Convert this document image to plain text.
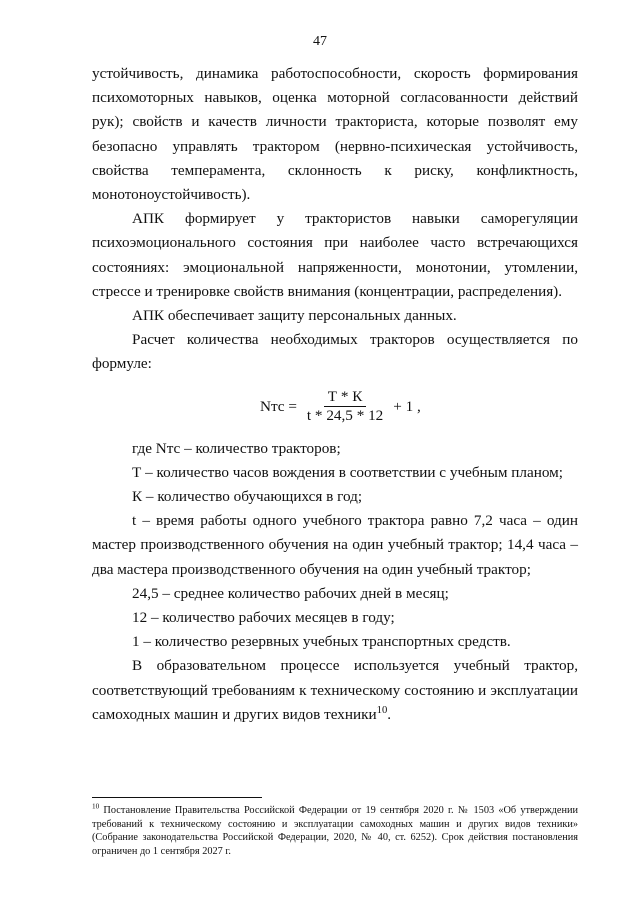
47

устойчивость, динамика работоспособности, скорость формирования психомоторных навыков, оценка моторной согласованности действий рук); свойств и качеств личности тракториста, которые позволят ему безопасно управлять трактором (нервно-психическая устойчивость, свойства темперамента, склонность к риску, конфликтность, монотоноустойчивость).

АПК формирует у трактористов навыки саморегуляции психоэмоционального состояния при наиболее часто встречающихся состояниях: эмоциональной напряженности, монотонии, утомлении, стрессе и тренировке свойств внимания (концентрации, распределения).

АПК обеспечивает защиту персональных данных.

Расчет количества необходимых тракторов осуществляется по формуле:

Nтс = $\frac{Т * К}{t * 24,5 * 12} + 1$ ,

где Nтс – количество тракторов;

Т – количество часов вождения в соответствии с учебным планом;

К – количество обучающихся в год;

t – время работы одного учебного трактора равно 7,2 часа – один мастер производственного обучения на один учебный трактор; 14,4 часа – два мастера производственного обучения на один учебный трактор;

24,5 – среднее количество рабочих дней в месяц;

12 – количество рабочих месяцев в году;

1 – количество резервных учебных транспортных средств.

В образовательном процессе используется учебный трактор, соответствующий требованиям к техническому состоянию и эксплуатации самоходных машин и других видов техники$^{10}$.

$^{10}$ Постановление Правительства Российской Федерации от 19 сентября 2020 г. № 1503 «Об утверждении требований к техническому состоянию и эксплуатации самоходных машин и других видов техники» (Собрание законодательства Российской Федерации, 2020, № 40, ст. 6252). Срок действия постановления ограничен до 1 сентября 2027 г.
